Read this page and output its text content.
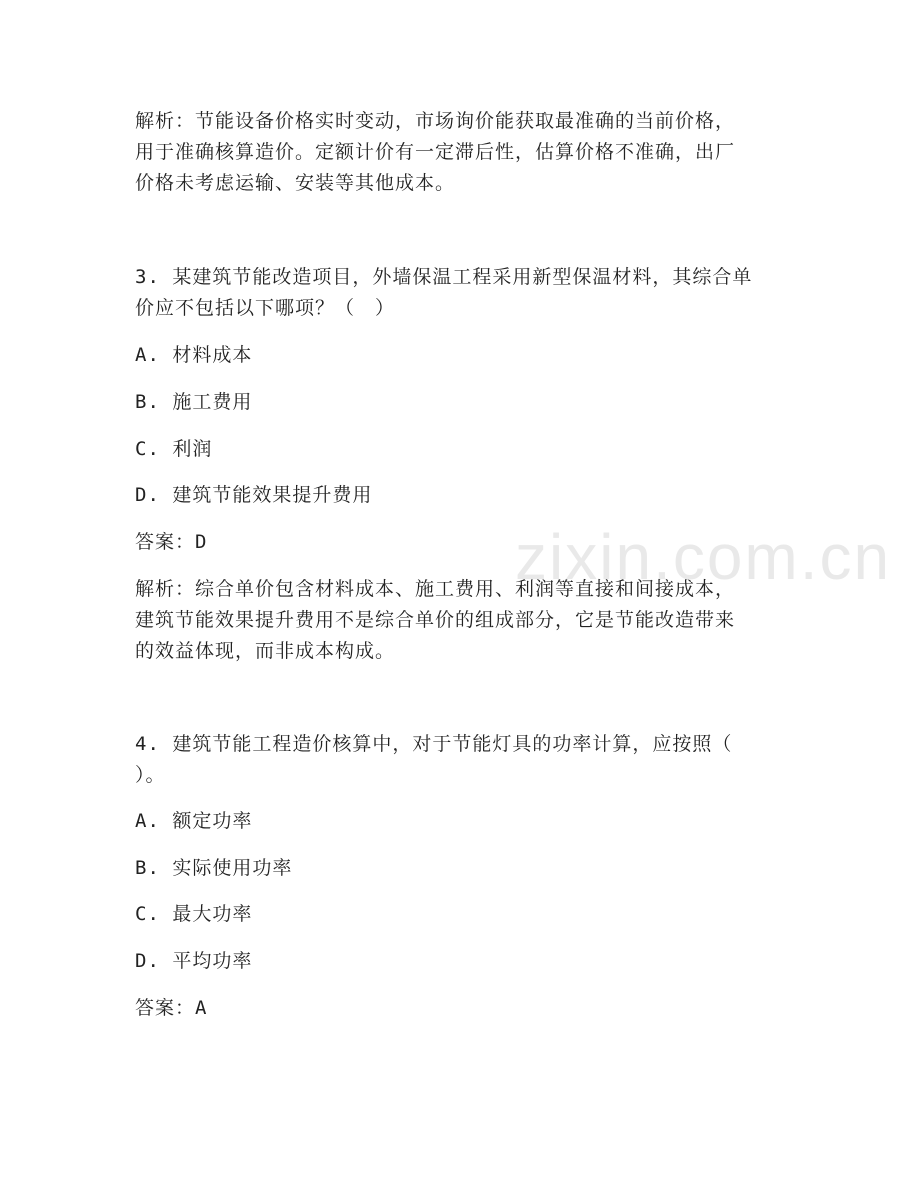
解析：节能设备价格实时变动，市场询价能获取最准确的当前价格，
用于准确核算造价。定额计价有一定滞后性，估算价格不准确，出厂
价格未考虑运输、安装等其他成本。
3. 某建筑节能改造项目，外墙保温工程采用新型保温材料，其综合单
价应不包括以下哪项？（　）
A. 材料成本
B. 施工费用
C. 利润
D. 建筑节能效果提升费用
答案：D
解析：综合单价包含材料成本、施工费用、利润等直接和间接成本，
建筑节能效果提升费用不是综合单价的组成部分，它是节能改造带来
的效益体现，而非成本构成。
4. 建筑节能工程造价核算中，对于节能灯具的功率计算，应按照（
）。
A. 额定功率
B. 实际使用功率
C. 最大功率
D. 平均功率
答案：A
zixin.com.cn
